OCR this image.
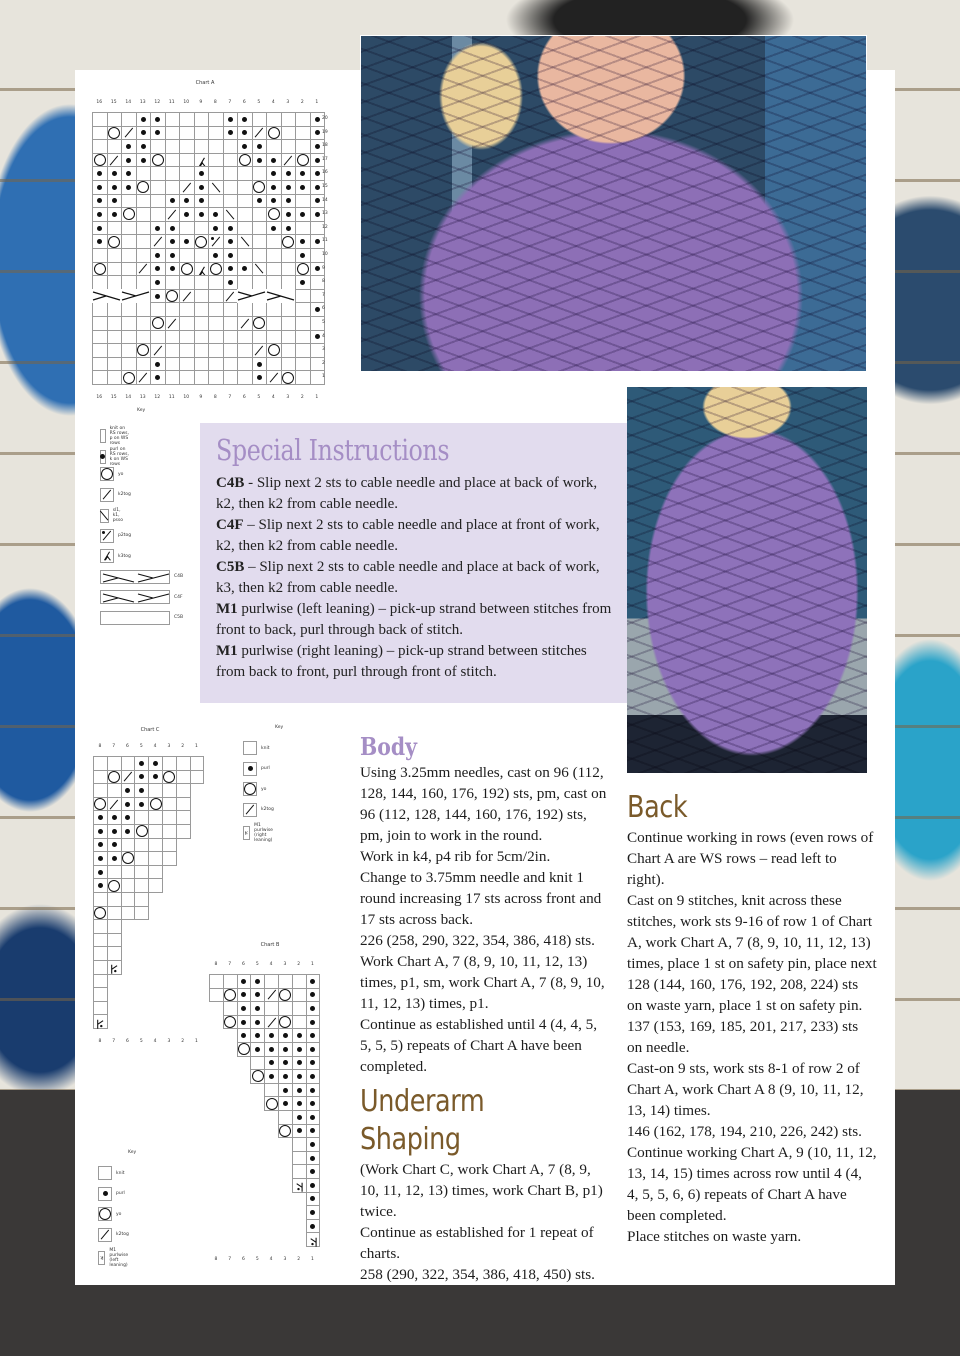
Chart A
16	15	14	13	12	11	10	9	8	7	6	5	4	3	2	1
20
19
18
17
16
15
14
13
12
11
10
9
8
7
6
5
4
3
2
1
16	15	14	13	12	11	10	9	8	7	6	5	4	3	2	1
Key
knit on RS rows, p on WS rows
purl on RS rows, k on WS rows
yo
k2tog
sl1, k1, psso
p2tog
k3tog
C4B
C4F
C5B
Special Instructions

C4B - Slip next 2 sts to cable needle and place at back of work, k2, then k2 from cable needle.

C4F – Slip next 2 sts to cable needle and place at front of work, k2, then k2 from cable needle.

C5B – Slip next 2 sts to cable needle and place at back of work, k3, then k2 from cable needle.

M1 purlwise (left leaning) – pick-up strand between stitches from front to back, purl through back of stitch.

M1 purlwise (right leaning) – pick-up strand between stitches from back to front, purl through front of stitch.

Chart C
8	7	6	5	4	3	2	1
8	7	6	5	4	3	2	1
Key
knit
purl
yo
k2tog
M1 purlwise (right leaning)
Chart B
8	7	6	5	4	3	2	1
8	7	6	5	4	3	2	1
Key
knit
purl
yo
k2tog
M1 purlwise (left leaning)
Body

Using 3.25mm needles, cast on 96 (112, 128, 144, 160, 176, 192) sts, pm, cast on 96 (112, 128, 144, 160, 176, 192) sts, pm, join to work in the round.

Work in k4, p4 rib for 5cm/2in.

Change to 3.75mm needle and knit 1 round increasing 17 sts across front and 17 sts across back.

226 (258, 290, 322, 354, 386, 418) sts.

Work Chart A, 7 (8, 9, 10, 11, 12, 13) times, p1, sm, work Chart A, 7 (8, 9, 10, 11, 12, 13) times, p1.

Continue as established until 4 (4, 4, 5, 5, 5, 5) repeats of Chart A have been completed.

Underarm Shaping

(Work Chart C, work Chart A, 7 (8, 9, 10, 11, 12, 13) times, work Chart B, p1) twice.

Continue as established for 1 repeat of charts.

258 (290, 322, 354, 386, 418, 450) sts.

Back

Continue working in rows (even rows of Chart A are WS rows – read left to right).

Cast on 9 stitches, knit across these stitches, work sts 9-16 of row 1 of Chart A, work Chart A, 7 (8, 9, 10, 11, 12, 13) times, place 1 st on safety pin, place next 128 (144, 160, 176, 192, 208, 224) sts on waste yarn, place 1 st on safety pin.

137 (153, 169, 185, 201, 217, 233) sts on needle.

Cast-on 9 sts, work sts 8-1 of row 2 of Chart A, work Chart A 8 (9, 10, 11, 12, 13, 14) times.

146 (162, 178, 194, 210, 226, 242) sts.

Continue working Chart A, 9 (10, 11, 12, 13, 14, 15) times across row until 4 (4, 4, 5, 5, 6, 6) repeats of Chart A have been completed.

Place stitches on waste yarn.
